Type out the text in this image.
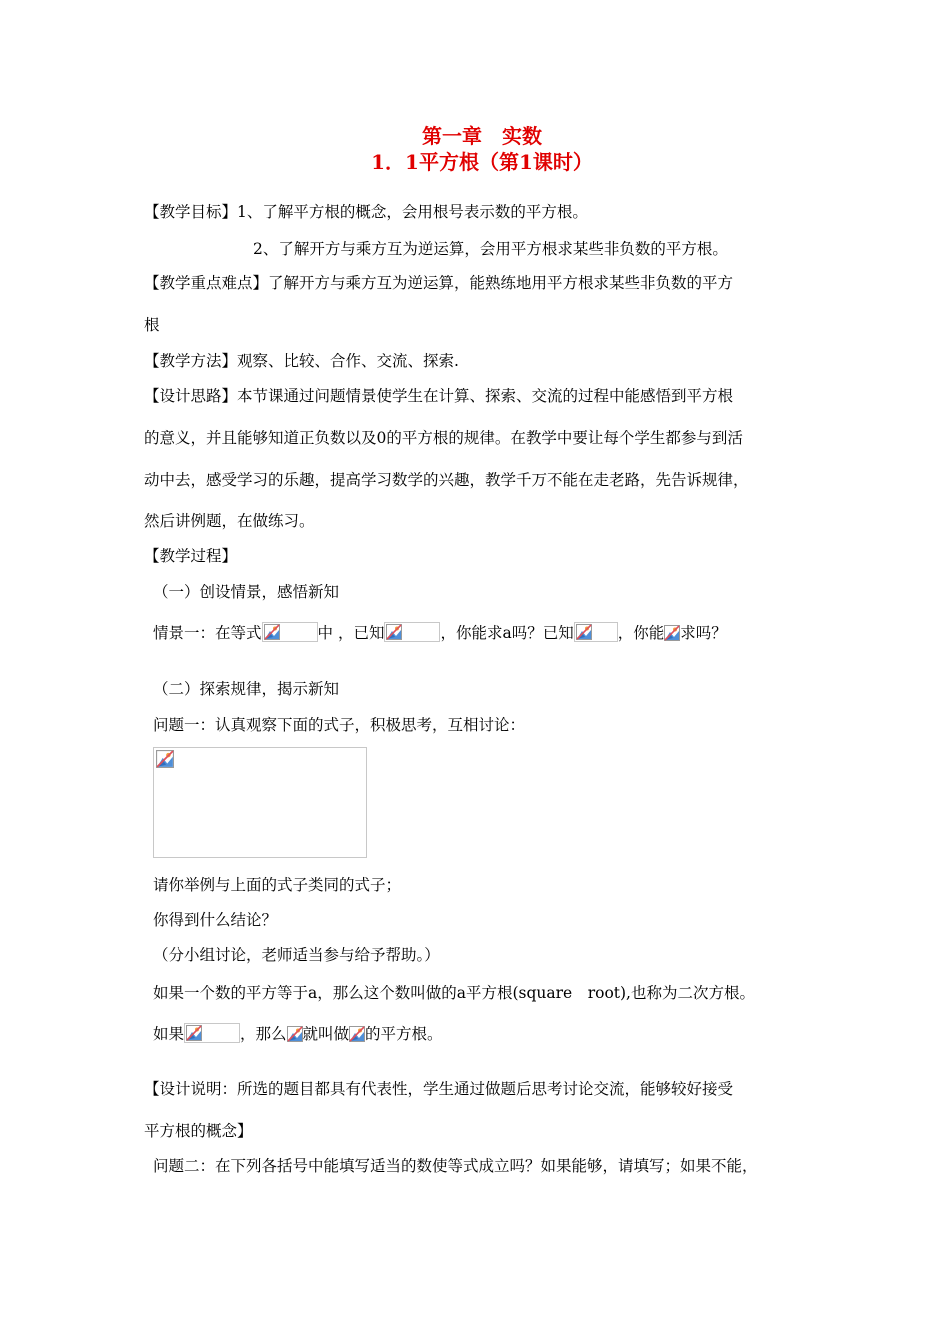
第一章　实数
1．1平方根（第1课时）
【教学目标】1、了解平方根的概念，会用根号表示数的平方根。
2、了解开方与乘方互为逆运算，会用平方根求某些非负数的平方根。
【教学重点难点】了解开方与乘方互为逆运算，能熟练地用平方根求某些非负数的平方
根
【教学方法】观察、比较、合作、交流、探索.
【设计思路】本节课通过问题情景使学生在计算、探索、交流的过程中能感悟到平方根
的意义，并且能够知道正负数以及0的平方根的规律。在教学中要让每个学生都参与到活
动中去，感受学习的乐趣，提高学习数学的兴趣，教学千万不能在走老路，先告诉规律，
然后讲例题，在做练习。
【教学过程】
（一）创设情景，感悟新知
情景一：在等式	中 ，已知	，你能求a吗？已知	，你能 求吗？
（二）探索规律，揭示新知
问题一：认真观察下面的式子，积极思考，互相讨论：
请你举例与上面的式子类同的式子；
你得到什么结论？
（分小组讨论，老师适当参与给予帮助。）
如果一个数的平方等于a，那么这个数叫做的a平方根(square　root),也称为二次方根。
如果	，那么 就叫做 的平方根。
【设计说明：所选的题目都具有代表性，学生通过做题后思考讨论交流，能够较好接受
平方根的概念】
问题二：在下列各括号中能填写适当的数使等式成立吗？如果能够，请填写；如果不能，
